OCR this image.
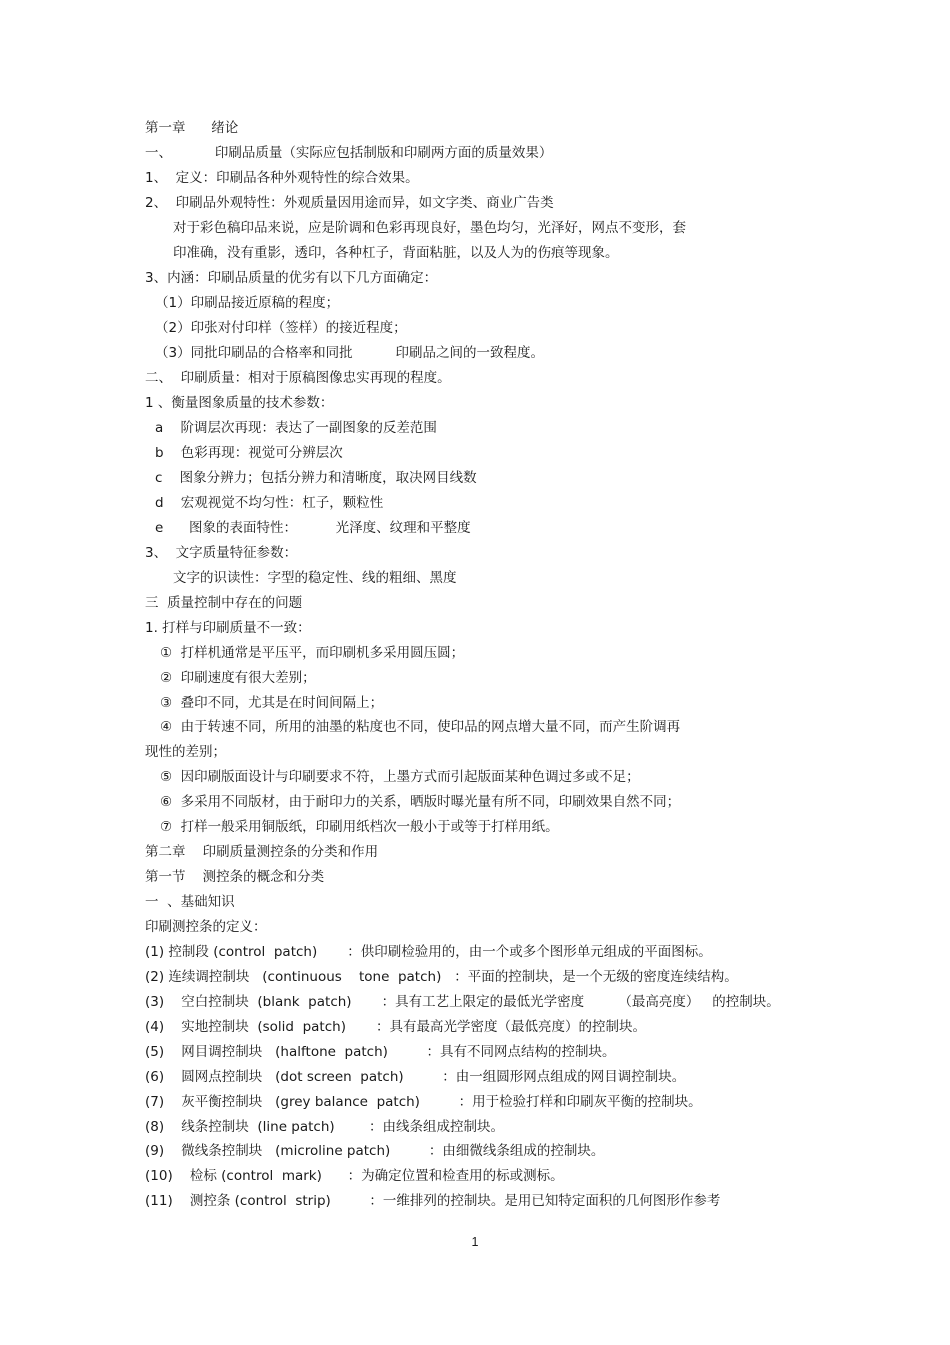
第一章      绪论
一、          印刷品质量（实际应包括制版和印刷两方面的质量效果）
1、  定义：印刷品各种外观特性的综合效果。
2、  印刷品外观特性：外观质量因用途而异，如文字类、商业广告类
对于彩色稿印品来说，应是阶调和色彩再现良好，墨色均匀，光泽好，网点不变形，套
印准确，没有重影，透印，各种杠子，背面粘脏，以及人为的伤痕等现象。
3、内涵：印刷品质量的优劣有以下几方面确定：
（1）印刷品接近原稿的程度；
（2）印张对付印样（签样）的接近程度；
（3）同批印刷品的合格率和同批          印刷品之间的一致程度。
二、  印刷质量：相对于原稿图像忠实再现的程度。
1 、衡量图象质量的技术参数：
a    阶调层次再现：表达了一副图象的反差范围
b    色彩再现：视觉可分辨层次
c    图象分辨力；包括分辨力和清晰度，取决网目线数
d    宏观视觉不均匀性：杠子，颗粒性
e      图象的表面特性：         光泽度、纹理和平整度
3、  文字质量特征参数：
文字的识读性：字型的稳定性、线的粗细、黑度
三  质量控制中存在的问题
1. 打样与印刷质量不一致：
①  打样机通常是平压平，而印刷机多采用圆压圆；
②  印刷速度有很大差别；
③  叠印不同，尤其是在时间间隔上；
④  由于转速不同，所用的油墨的粘度也不同，使印品的网点增大量不同，而产生阶调再
现性的差别；
⑤  因印刷版面设计与印刷要求不符，上墨方式而引起版面某种色调过多或不足；
⑥  多采用不同版材，由于耐印力的关系，晒版时曝光量有所不同，印刷效果自然不同；
⑦  打样一般采用铜版纸，印刷用纸档次一般小于或等于打样用纸。
第二章    印刷质量测控条的分类和作用
第一节    测控条的概念和分类
一  、基础知识
印刷测控条的定义：
(1) 控制段 (control  patch)       ：供印刷检验用的，由一个或多个图形单元组成的平面图标。
(2) 连续调控制块   (continuous    tone  patch)   ：平面的控制块，是一个无级的密度连续结构。
(3)    空白控制块  (blank  patch)       ：具有工艺上限定的最低光学密度        （最高亮度）   的控制块。
(4)    实地控制块  (solid  patch)       ：具有最高光学密度（最低亮度）的控制块。
(5)    网目调控制块   (halftone  patch)         ：具有不同网点结构的控制块。
(6)    圆网点控制块   (dot screen  patch)         ：由一组圆形网点组成的网目调控制块。
(7)    灰平衡控制块   (grey balance  patch)         ：用于检验打样和印刷灰平衡的控制块。
(8)    线条控制块  (line patch)        ：由线条组成控制块。
(9)    微线条控制块   (microline patch)         ：由细微线条组成的控制块。
(10)    检标 (control  mark)      ：为确定位置和检查用的标或测标。
(11)    测控条 (control  strip)         ：一维排列的控制块。是用已知特定面积的几何图形作参考
1
